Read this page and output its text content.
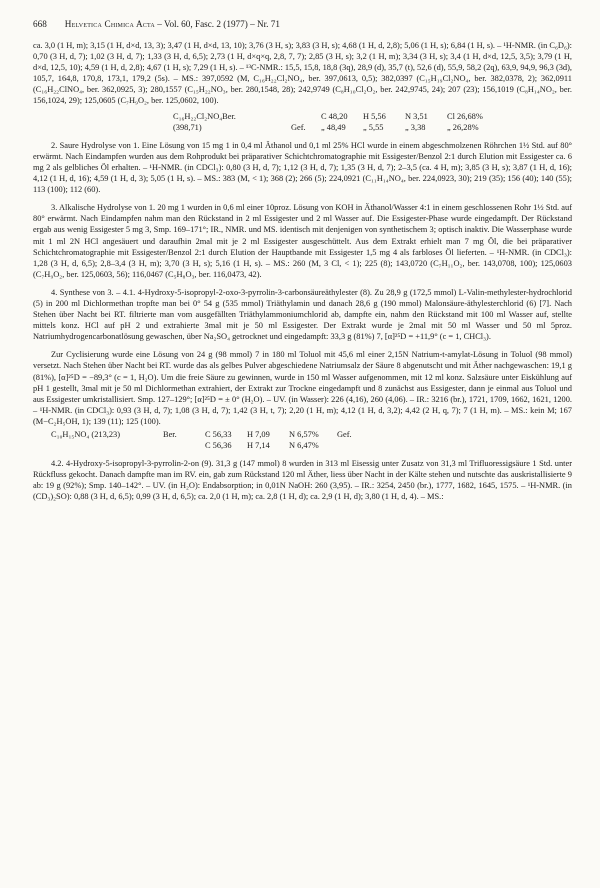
668 Helvetica Chimica Acta – Vol. 60, Fasc. 2 (1977) – Nr. 71

ca. 3,0 (1 H, m); 3,15 (1 H, d×d, 13, 3); 3,47 (1 H, d×d, 13, 10); 3,76 (3 H, s); 3,83 (3 H, s); 4,68 (1 H, d, 2,8); 5,06 (1 H, s); 6,84 (1 H, s). – ¹H-NMR. (in C₆D₆): 0,70 (3 H, d, 7); 1,02 (3 H, d, 7); 1,33 (3 H, d, 6,5); 2,73 (1 H, d×q×q, 2,8, 7, 7); 2,85 (3 H, s); 3,2 (1 H, m); 3,34 (3 H, s); 3,4 (1 H, d×d, 12,5, 3,5); 3,79 (1 H, d×d, 12,5, 10); 4,59 (1 H, d, 2,8); 4,67 (1 H, s); 7,29 (1 H, s). – ¹³C-NMR.: 15,5, 15,8, 18,8 (3q), 28,9 (d), 35,7 (t), 52,6 (d), 55,9, 58,2 (2q), 63,9, 94,9, 96,3 (3d), 105,7, 164,8, 170,8, 173,1, 179,2 (5s). – MS.: 397,0592 (M, C₁₆H₂₂Cl₂NO₄, ber. 397,0613, 0,5); 382,0397 (C₁₅H₁₉Cl₂NO₄, ber. 382,0378, 2); 362,0911 (C₁₆H₂₂ClNO₄, ber. 362,0925, 3); 280,1557 (C₁₅H₂₂NO₃, ber. 280,1548, 28); 242,9749 (C₈H₁₀Cl₂O₂, ber. 242,9745, 24); 207 (23); 156,1019 (C₈H₁₄NO₂, ber. 156,1024, 29); 125,0605 (C₇H₉O₂, ber. 125,0602, 100).

C₁₆H₂₂Cl₂NO₄Ber.	C 48,20	H 5,56	N 3,51	Cl 26,68%
(398,71)	Gef.	„ 48,49	„ 5,55	„ 3,38	„ 26,28%

2. Saure Hydrolyse von 1. Eine Lösung von 15 mg 1 in 0,4 ml Äthanol und 0,1 ml 25% HCl wurde in einem abgeschmolzenen Röhrchen 1½ Std. auf 80° erwärmt. Nach Eindampfen wurden aus dem Rohprodukt bei präparativer Schichtchromatographie mit Essigester/Benzol 2:1 durch Elution mit Essigester ca. 6 mg 2 als gelbliches Öl erhalten. – ¹H-NMR. (in CDCl₃): 0,80 (3 H, d, 7); 1,12 (3 H, d, 7); 1,35 (3 H, d, 7); 2–3,5 (ca. 4 H, m); 3,85 (3 H, s); 3,87 (1 H, d, 16); 4,12 (1 H, d, 16); 4,59 (1 H, d, 3); 5,05 (1 H, s). – MS.: 383 (M, < 1); 368 (2); 266 (5); 224,0921 (C₁₁H₁₄NO₄, ber. 224,0923, 30); 219 (35); 156 (40); 140 (55); 113 (100); 112 (60).

3. Alkalische Hydrolyse von 1. 20 mg 1 wurden in 0,6 ml einer 10proz. Lösung von KOH in Äthanol/Wasser 4:1 in einem geschlossenen Rohr 1½ Std. auf 80° erwärmt. Nach Eindampfen nahm man den Rückstand in 2 ml Essigester und 2 ml Wasser auf. Die Essigester-Phase wurde eingedampft. Der Rückstand ergab aus wenig Essigester 5 mg 3, Smp. 169–171°; IR., NMR. und MS. identisch mit denjenigen von synthetischem 3; optisch inaktiv. Die Wasserphase wurde mit 1 ml 2N HCl angesäuert und daraufhin 2mal mit je 2 ml Essigester ausgeschüttelt. Aus dem Extrakt erhielt man 7 mg Öl, die bei präparativer Schichtchromatographie mit Essigester/Benzol 2:1 durch Elution der Hauptbande mit Essigester 1,5 mg 4 als farbloses Öl lieferten. – ¹H-NMR. (in CDCl₃): 1,28 (3 H, d, 6,5); 2,8–3,4 (3 H, m); 3,70 (3 H, s); 5,16 (1 H, s). – MS.: 260 (M, 3 Cl, < 1); 225 (8); 143,0720 (C₇H₁₁O₂, ber. 143,0708, 100); 125,0603 (C₇H₉O₂, ber. 125,0603, 56); 116,0467 (C₅H₈O₃, ber. 116,0473, 42).

4. Synthese von 3. – 4.1. 4-Hydroxy-5-isopropyl-2-oxo-3-pyrrolin-3-carbonsäureäthylester (8). Zu 28,9 g (172,5 mmol) L-Valin-methylester-hydrochlorid (5) in 200 ml Dichlormethan tropfte man bei 0° 54 g (535 mmol) Triäthylamin und danach 28,6 g (190 mmol) Malonsäure-äthylesterchlorid (6) [7]. Nach Stehen über Nacht bei RT. filtrierte man vom ausgefällten Triäthylammoniumchlorid ab, dampfte ein, nahm den Rückstand mit 100 ml Wasser auf, stellte mittels konz. HCl auf pH 2 und extrahierte 3mal mit je 50 ml Essigester. Der Extrakt wurde je 2mal mit 50 ml Wasser und 50 ml 5proz. Natriumhydrogencarbonatlösung gewaschen, über Na₂SO₄ getrocknet und eingedampft: 33,3 g (81%) 7, [α]²⁵D = +11,9° (c = 1, CHCl₃).

Zur Cyclisierung wurde eine Lösung von 24 g (98 mmol) 7 in 180 ml Toluol mit 45,6 ml einer 2,15N Natrium-t-amylat-Lösung in Toluol (98 mmol) versetzt. Nach Stehen über Nacht bei RT. wurde das als gelbes Pulver abgeschiedene Natriumsalz der Säure 8 abgenutscht und mit Äther nachgewaschen: 19,1 g (81%), [α]²⁵D = −89,3° (c = 1, H₂O). Um die freie Säure zu gewinnen, wurde in 150 ml Wasser aufgenommen, mit 12 ml konz. Salzsäure unter Eiskühlung auf pH 1 gestellt, 3mal mit je 50 ml Dichlormethan extrahiert, der Extrakt zur Trockne eingedampft und 8 zunächst aus Essigester, dann je einmal aus Toluol und aus Essigester umkristallisiert. Smp. 127–129°; [α]²⁵D = ± 0° (H₂O). – UV. (in Wasser): 226 (4,16), 260 (4,06). – IR.: 3216 (br.), 1721, 1709, 1662, 1621, 1200. – ¹H-NMR. (in CDCl₃): 0,93 (3 H, d, 7); 1,08 (3 H, d, 7); 1,42 (3 H, t, 7); 2,20 (1 H, m); 4,12 (1 H, d, 3,2); 4,42 (2 H, q, 7); 7 (1 H, m). – MS.: kein M; 167 (M−C₂H₅OH, 1); 139 (11); 125 (100).

C₁₀H₁₅NO₄ (213,23)	Ber.	C 56,33	H 7,09	N 6,57%	Gef.
C 56,36	H 7,14	N 6,47%

4.2. 4-Hydroxy-5-isopropyl-3-pyrrolin-2-on (9). 31,3 g (147 mmol) 8 wurden in 313 ml Eisessig unter Zusatz von 31,3 ml Trifluoressigsäure 1 Std. unter Rückfluss gekocht. Danach dampfte man im RV. ein, gab zum Rückstand 120 ml Äther, liess über Nacht in der Kälte stehen und nutschte das auskristallisierte 9 ab: 19 g (92%); Smp. 140–142°. – UV. (in H₂O): Endabsorption; in 0,01N NaOH: 260 (3,95). – IR.: 3254, 2450 (br.), 1777, 1682, 1645, 1575. – ¹H-NMR. (in (CD₃)₂SO): 0,88 (3 H, d, 6,5); 0,99 (3 H, d, 6,5); ca. 2,0 (1 H, m); ca. 2,8 (1 H, d); ca. 2,9 (1 H, d); 3,80 (1 H, d, 4). – MS.:
